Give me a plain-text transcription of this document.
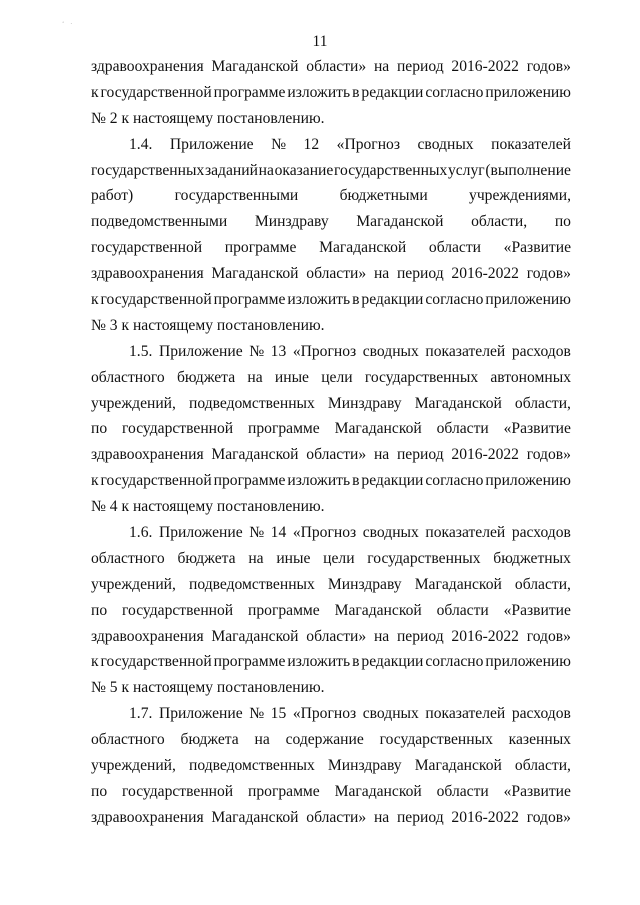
‘ ·
11
здравоохранения Магаданской области» на период 2016-2022 годов»
к государственной программе изложить в редакции согласно приложению
№ 2 к настоящему постановлению.
1.4. Приложение № 12 «Прогноз сводных показателей
государственных заданий на оказание государственных услуг (выполнение
работ)	государственными	бюджетными	учреждениями,
подведомственными Минздраву Магаданской области, по
государственной программе Магаданской области «Развитие
здравоохранения Магаданской области» на период 2016-2022 годов»
к государственной программе изложить в редакции согласно приложению
№ 3 к настоящему постановлению.
1.5. Приложение № 13 «Прогноз сводных показателей расходов
областного бюджета на иные цели государственных автономных
учреждений, подведомственных Минздраву Магаданской области,
по государственной программе Магаданской области «Развитие
здравоохранения Магаданской области» на период 2016-2022 годов»
к государственной программе изложить в редакции согласно приложению
№ 4 к настоящему постановлению.
1.6. Приложение № 14 «Прогноз сводных показателей расходов
областного бюджета на иные цели государственных бюджетных
учреждений, подведомственных Минздраву Магаданской области,
по государственной программе Магаданской области «Развитие
здравоохранения Магаданской области» на период 2016-2022 годов»
к государственной программе изложить в редакции согласно приложению
№ 5 к настоящему постановлению.
1.7. Приложение № 15 «Прогноз сводных показателей расходов
областного бюджета на содержание государственных казенных
учреждений, подведомственных Минздраву Магаданской области,
по государственной программе Магаданской области «Развитие
здравоохранения Магаданской области» на период 2016-2022 годов»
